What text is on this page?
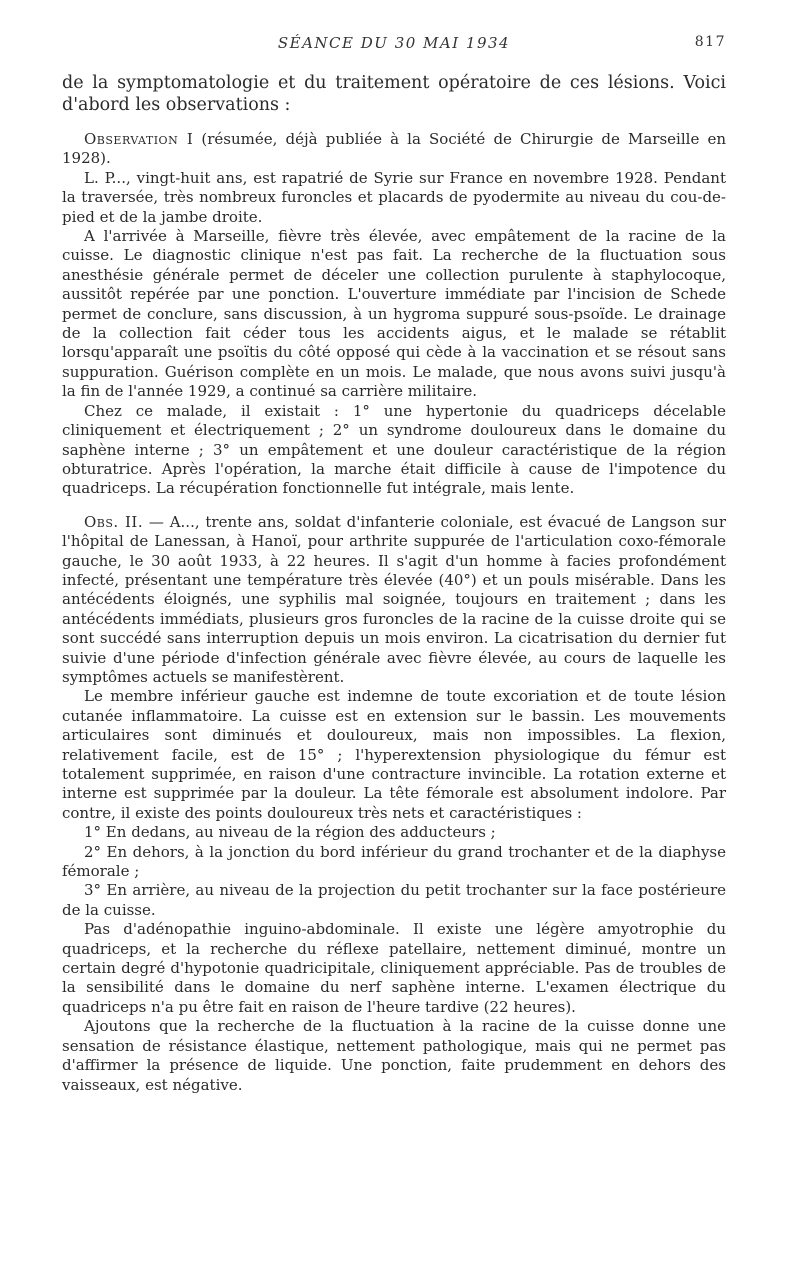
SÉANCE DU 30 MAI 1934	817
de la symptomatologie et du traitement opératoire de ces lésions. Voici d'abord les observations :

Observation I (résumée, déjà publiée à la Société de Chirurgie de Marseille en 1928).

L. P..., vingt-huit ans, est rapatrié de Syrie sur France en novembre 1928. Pendant la traversée, très nombreux furoncles et placards de pyodermite au niveau du cou-de-pied et de la jambe droite.

A l'arrivée à Marseille, fièvre très élevée, avec empâtement de la racine de la cuisse. Le diagnostic clinique n'est pas fait. La recherche de la fluctuation sous anesthésie générale permet de déceler une collection purulente à staphylocoque, aussitôt repérée par une ponction. L'ouverture immédiate par l'incision de Schede permet de conclure, sans discussion, à un hygroma suppuré sous-psoïde. Le drainage de la collection fait céder tous les accidents aigus, et le malade se rétablit lorsqu'apparaît une psoïtis du côté opposé qui cède à la vaccination et se résout sans suppuration. Guérison complète en un mois. Le malade, que nous avons suivi jusqu'à la fin de l'année 1929, a continué sa carrière militaire.

Chez ce malade, il existait : 1° une hypertonie du quadriceps décelable cliniquement et électriquement ; 2° un syndrome douloureux dans le domaine du saphène interne ; 3° un empâtement et une douleur caractéristique de la région obturatrice. Après l'opération, la marche était difficile à cause de l'impotence du quadriceps. La récupération fonctionnelle fut intégrale, mais lente.

Obs. II. — A..., trente ans, soldat d'infanterie coloniale, est évacué de Langson sur l'hôpital de Lanessan, à Hanoï, pour arthrite suppurée de l'articulation coxo-fémorale gauche, le 30 août 1933, à 22 heures. Il s'agit d'un homme à facies profondément infecté, présentant une température très élevée (40°) et un pouls misérable. Dans les antécédents éloignés, une syphilis mal soignée, toujours en traitement ; dans les antécédents immédiats, plusieurs gros furoncles de la racine de la cuisse droite qui se sont succédé sans interruption depuis un mois environ. La cicatrisation du dernier fut suivie d'une période d'infection générale avec fièvre élevée, au cours de laquelle les symptômes actuels se manifestèrent.

Le membre inférieur gauche est indemne de toute excoriation et de toute lésion cutanée inflammatoire. La cuisse est en extension sur le bassin. Les mouvements articulaires sont diminués et douloureux, mais non impossibles. La flexion, relativement facile, est de 15° ; l'hyperextension physiologique du fémur est totalement supprimée, en raison d'une contracture invincible. La rotation externe et interne est supprimée par la douleur. La tête fémorale est absolument indolore. Par contre, il existe des points douloureux très nets et caractéristiques :

1° En dedans, au niveau de la région des adducteurs ;

2° En dehors, à la jonction du bord inférieur du grand trochanter et de la diaphyse fémorale ;

3° En arrière, au niveau de la projection du petit trochanter sur la face postérieure de la cuisse.

Pas d'adénopathie inguino-abdominale. Il existe une légère amyotrophie du quadriceps, et la recherche du réflexe patellaire, nettement diminué, montre un certain degré d'hypotonie quadricipitale, cliniquement appréciable. Pas de troubles de la sensibilité dans le domaine du nerf saphène interne. L'examen électrique du quadriceps n'a pu être fait en raison de l'heure tardive (22 heures).

Ajoutons que la recherche de la fluctuation à la racine de la cuisse donne une sensation de résistance élastique, nettement pathologique, mais qui ne permet pas d'affirmer la présence de liquide. Une ponction, faite prudemment en dehors des vaisseaux, est négative.
